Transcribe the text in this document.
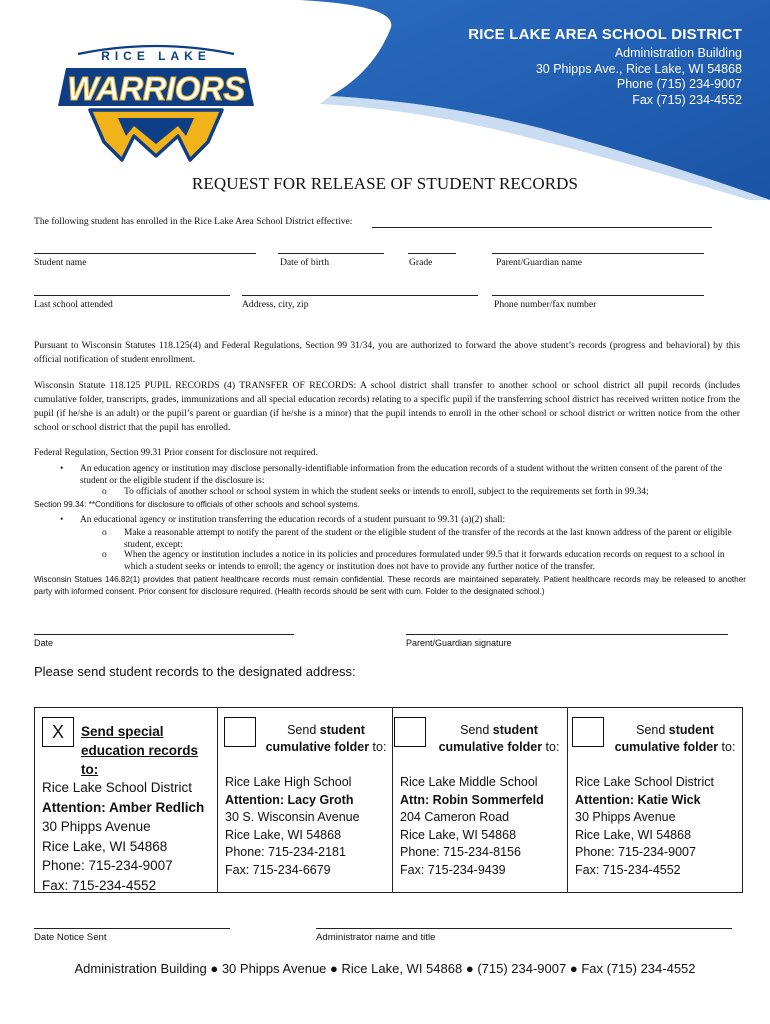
RICE LAKE AREA SCHOOL DISTRICT
Administration Building
30 Phipps Ave., Rice Lake, WI 54868
Phone (715) 234-9007
Fax (715) 234-4552
RICE LAKE
WARRIORS
REQUEST FOR RELEASE OF STUDENT RECORDS
The following student has enrolled in the Rice Lake Area School District effective:
Student name	Date of birth	Grade	Parent/Guardian name
Last school attended	Address, city, zip	Phone number/fax number
Pursuant to Wisconsin Statutes 118.125(4) and Federal Regulations, Section 99 31/34, you are authorized to forward the above student’s records (progress and behavioral) by this official notification of student enrollment.
Wisconsin Statute 118.125 PUPIL RECORDS (4) TRANSFER OF RECORDS: A school district shall transfer to another school or school district all pupil records (includes cumulative folder, transcripts, grades, immunizations and all special education records) relating to a specific pupil if the transferring school district has received written notice from the pupil (if he/she is an adult) or the pupil’s parent or guardian (if he/she is a minor) that the pupil intends to enroll in the other school or school district or written notice from the other school or school district that the pupil has enrolled.
Federal Regulation, Section 99.31 Prior consent for disclosure not required.
• An education agency or institution may disclose personally-identifiable information from the education records of a student without the written consent of the parent of the student or the eligible student if the disclosure is:
o To officials of another school or school system in which the student seeks or intends to enroll, subject to the requirements set forth in 99.34;
Section 99.34: **Conditions for disclosure to officials of other schools and school systems.
• An educational agency or institution transferring the education records of a student pursuant to 99.31 (a)(2) shall:
o Make a reasonable attempt to notify the parent of the student or the eligible student of the transfer of the records at the last known address of the parent or eligible student, except:
o When the agency or institution includes a notice in its policies and procedures formulated under 99.5 that it forwards education records on request to a school in which a student seeks or intends to enroll; the agency or institution does not have to provide any further notice of the transfer.
Wisconsin Statues 146.82(1) provides that patient healthcare records must remain confidential. These records are maintained separately. Patient healthcare records may be released to another party with informed consent. Prior consent for disclosure required. (Health records should be sent with cum. Folder to the designated school.)
Date	Parent/Guardian signature
Please send student records to the designated address:
X	Send special education records to:
Rice Lake School District
Attention: Amber Redlich
30 Phipps Avenue
Rice Lake, WI 54868
Phone: 715-234-9007
Fax: 715-234-4552
Send student
cumulative folder to:
Rice Lake High School
Attention: Lacy Groth
30 S. Wisconsin Avenue
Rice Lake, WI 54868
Phone: 715-234-2181
Fax: 715-234-6679
Send student
cumulative folder to:
Rice Lake Middle School
Attn: Robin Sommerfeld
204 Cameron Road
Rice Lake, WI 54868
Phone: 715-234-8156
Fax: 715-234-9439
Send student
cumulative folder to:
Rice Lake School District
Attention: Katie Wick
30 Phipps Avenue
Rice Lake, WI 54868
Phone: 715-234-9007
Fax: 715-234-4552
Date Notice Sent	Administrator name and title
Administration Building ● 30 Phipps Avenue ● Rice Lake, WI 54868 ● (715) 234-9007 ● Fax (715) 234-4552
